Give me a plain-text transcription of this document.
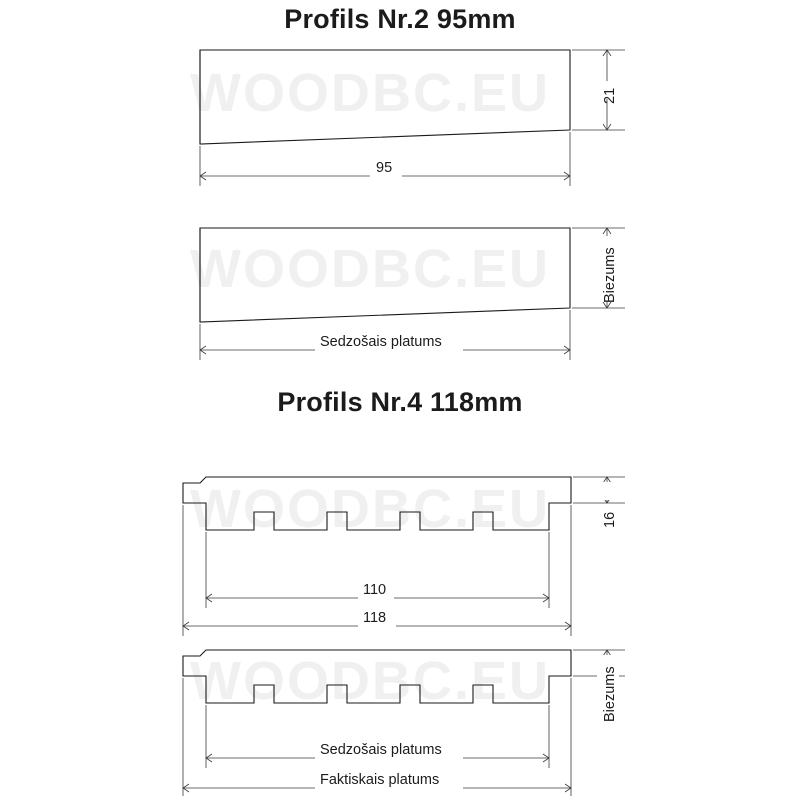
Profils Nr.2 95mm
Profils Nr.4 118mm
WOODBC.EU
WOODBC.EU
WOODBC.EU
WOODBC.EU
21
95
Biezums
Sedzošais platums
16
110
118
Biezums
Sedzošais platums
Faktiskais platums
